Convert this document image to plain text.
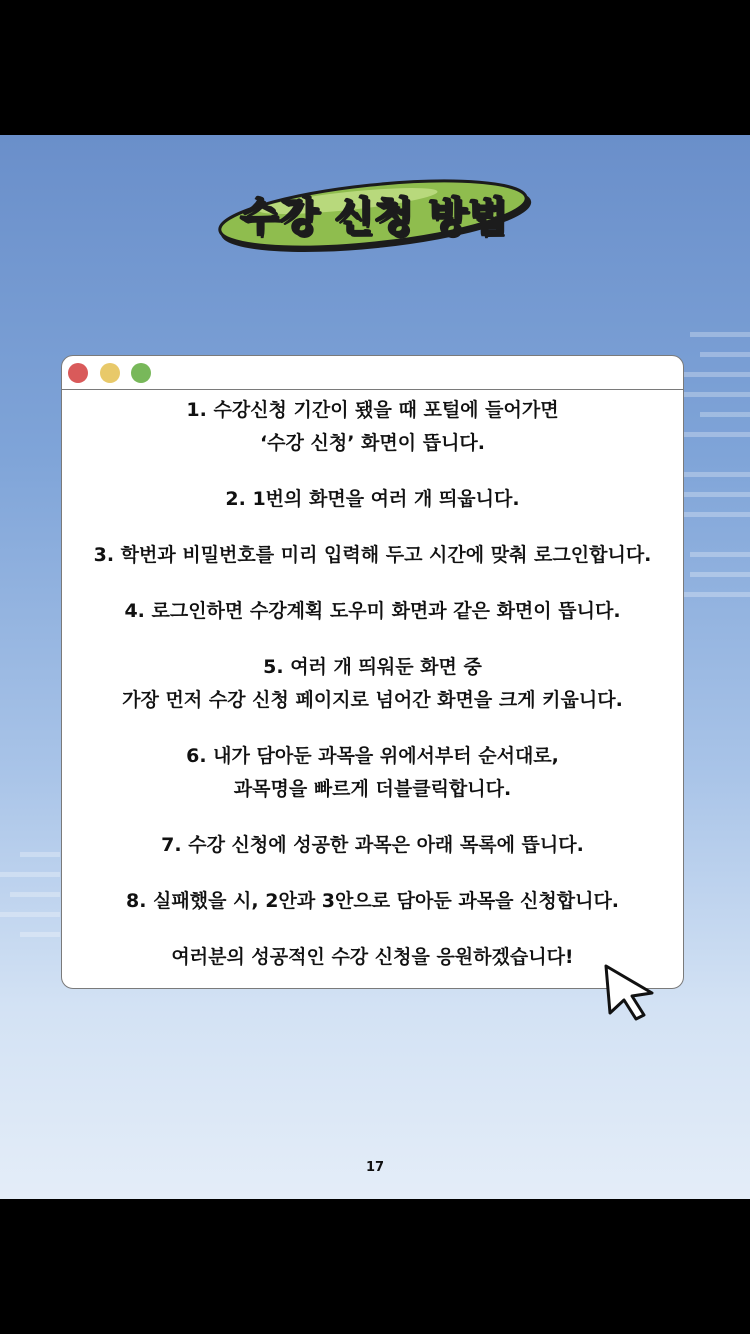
수강 신청 방법
1. 수강신청 기간이 됐을 때 포털에 들어가면
‘수강 신청’ 화면이 뜹니다.
2. 1번의 화면을 여러 개 띄웁니다.
3. 학번과 비밀번호를 미리 입력해 두고 시간에 맞춰 로그인합니다.
4. 로그인하면 수강계획 도우미 화면과 같은 화면이 뜹니다.
5. 여러 개 띄워둔 화면 중
가장 먼저 수강 신청 페이지로 넘어간 화면을 크게 키웁니다.
6. 내가 담아둔 과목을 위에서부터 순서대로,
과목명을 빠르게 더블클릭합니다.
7. 수강 신청에 성공한 과목은 아래 목록에 뜹니다.
8. 실패했을 시, 2안과 3안으로 담아둔 과목을 신청합니다.
여러분의 성공적인 수강 신청을 응원하겠습니다!
17
